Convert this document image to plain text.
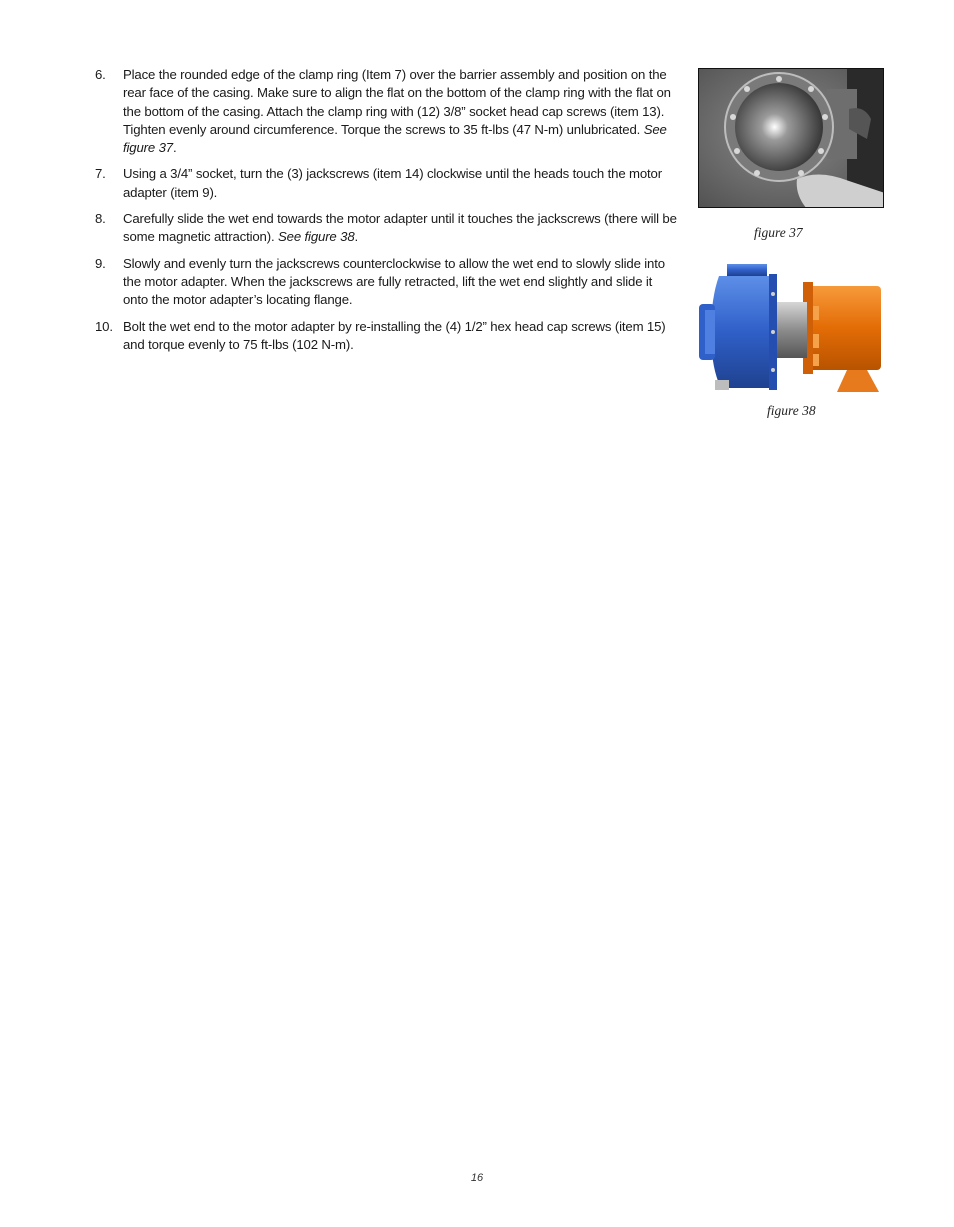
6. Place the rounded edge of the clamp ring (Item 7) over the barrier assembly and position on the rear face of the casing. Make sure to align the flat on the bottom of the clamp ring with the flat on the bottom of the casing. Attach the clamp ring with (12) 3/8” socket head cap screws (item 13). Tighten evenly around circumference. Torque the screws to 35 ft-lbs (47 N-m) unlubricated. See figure 37.
7. Using a 3/4” socket, turn the (3) jackscrews (item 14) clockwise until the heads touch the motor adapter (item 9).
8. Carefully slide the wet end towards the motor adapter until it touches the jackscrews (there will be some magnetic attraction). See figure 38.
9. Slowly and evenly turn the jackscrews counterclockwise to allow the wet end to slowly slide into the motor adapter. When the jackscrews are fully retracted, lift the wet end slightly and slide it onto the motor adapter’s locating flange.
10. Bolt the wet end to the motor adapter by re-installing the (4) 1/2” hex head cap screws (item 15) and torque evenly to 75 ft-lbs (102 N-m).
figure 37
figure 38
16
